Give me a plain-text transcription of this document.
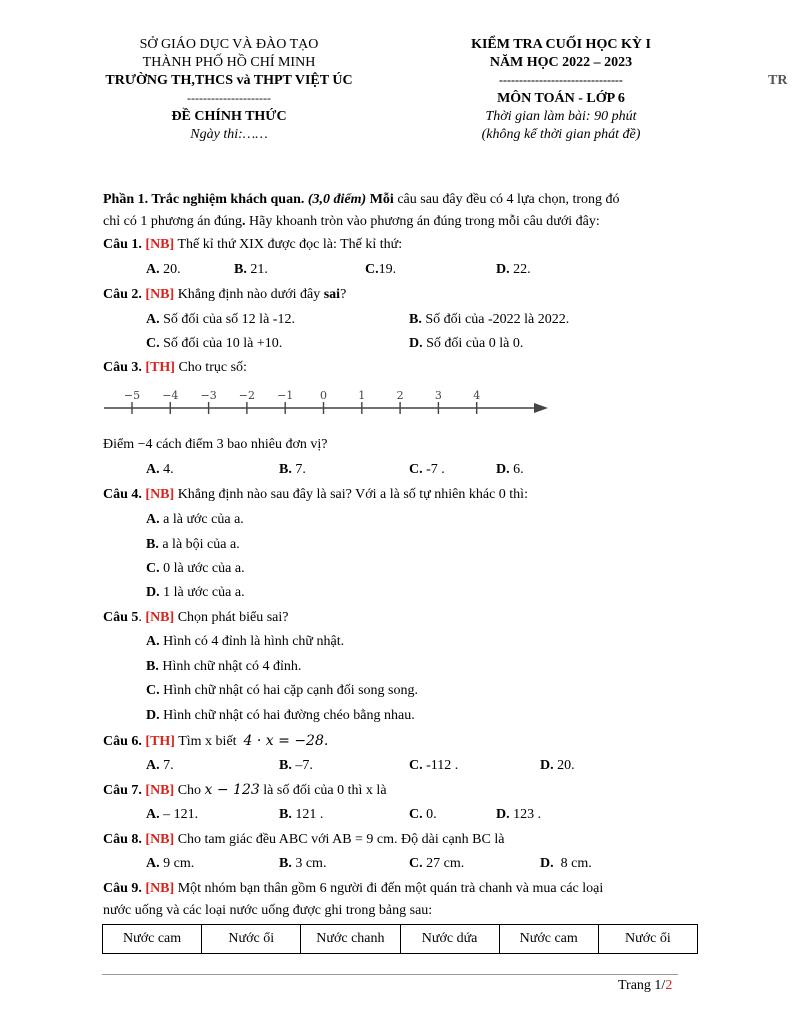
SỞ GIÁO DỤC VÀ ĐÀO TẠO
THÀNH PHỐ HỒ CHÍ MINH
TRƯỜNG TH,THCS và THPT VIỆT ÚC
---------------------
ĐỀ CHÍNH THỨC
Ngày thi:……
KIỂM TRA CUỐI HỌC KỲ I
NĂM HỌC 2022 – 2023
-------------------------------
MÔN TOÁN - LỚP 6
Thời gian làm bài: 90 phút
(không kể thời gian phát đề)
TR
Phần 1. Trắc nghiệm khách quan. (3,0 điểm) Mỗi câu sau đây đều có 4 lựa chọn, trong đó
chỉ có 1 phương án đúng. Hãy khoanh tròn vào phương án đúng trong mỗi câu dưới đây:
Câu 1. [NB] Thế kỉ thứ XIX được đọc là: Thế kỉ thứ:
A. 20.	B. 21.	C.19.	D. 22.
Câu 2. [NB] Khẳng định nào dưới đây sai?
A. Số đối của số 12 là -12.	B. Số đối của -2022 là 2022.
C. Số đối của 10 là +10.	D. Số đối của 0 là 0.
Câu 3. [TH] Cho trục số:
−5 −4 −3 −2 −1 0	1	2	3	4
Điểm −4 cách điểm 3 bao nhiêu đơn vị?
A. 4.	B. 7.	C. -7 .	D. 6.
Câu 4. [NB] Khẳng định nào sau đây là sai? Với a là số tự nhiên khác 0 thì:
A. a là ước của a.
B. a là bội của a.
C. 0 là ước của a.
D. 1 là ước của a.
Câu 5. [NB] Chọn phát biểu sai?
A. Hình có 4 đỉnh là hình chữ nhật.
B. Hình chữ nhật có 4 đỉnh.
C. Hình chữ nhật có hai cặp cạnh đối song song.
D. Hình chữ nhật có hai đường chéo bằng nhau.
Câu 6. [TH] Tìm x biết 4 · x = −28.
A. 7.	B. –7.	C. -112 .	D. 20.
Câu 7. [NB] Cho x − 123 là số đối của 0 thì x là
A. – 121.	B. 121 .	C. 0.	D. 123 .
Câu 8. [NB] Cho tam giác đều ABC với AB = 9 cm. Độ dài cạnh BC là
A. 9 cm.	B. 3 cm.	C. 27 cm.	D. 8 cm.
Câu 9. [NB] Một nhóm bạn thân gồm 6 người đi đến một quán trà chanh và mua các loại
nước uống và các loại nước uống được ghi trong bảng sau:
Nước cam	Nước ổi	Nước chanh	Nước dứa	Nước cam	Nước ổi
Trang 1/2
